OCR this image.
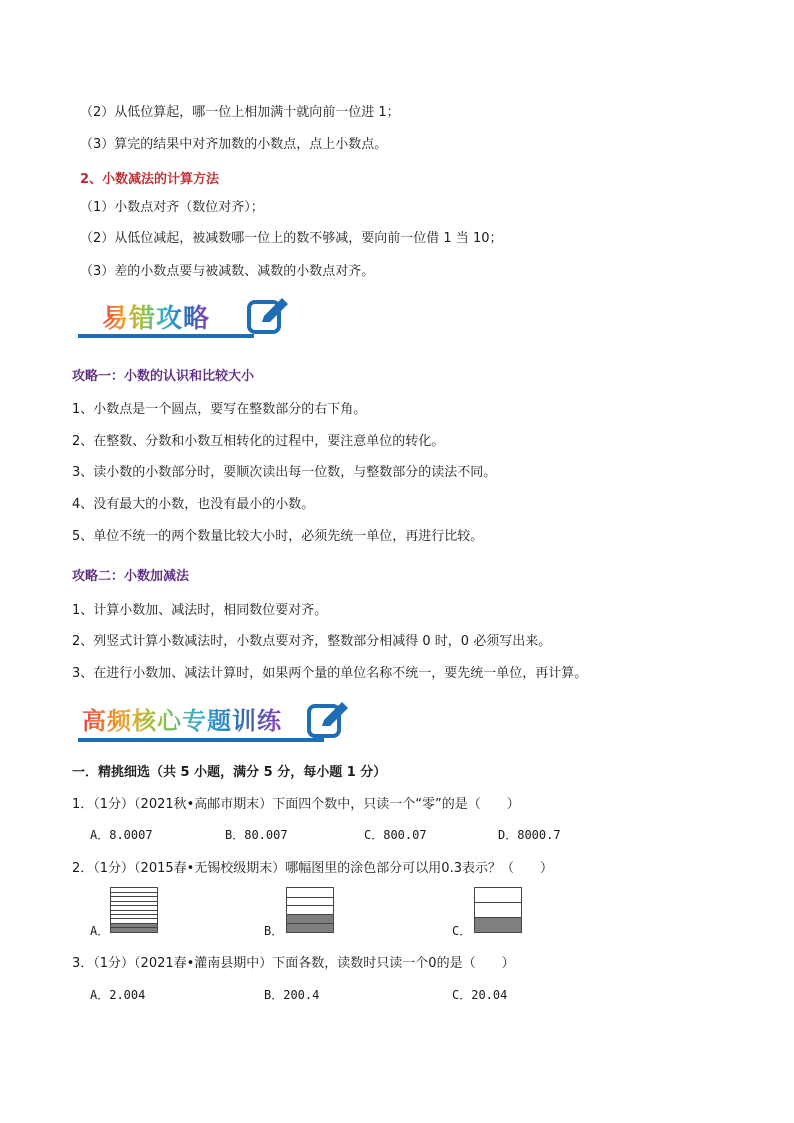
（2）从低位算起，哪一位上相加满十就向前一位进 1；
（3）算完的结果中对齐加数的小数点，点上小数点。
2、小数减法的计算方法
（1）小数点对齐（数位对齐）；
（2）从低位减起，被减数哪一位上的数不够减，要向前一位借 1 当 10；
（3）差的小数点要与被减数、减数的小数点对齐。
易错攻略
攻略一：小数的认识和比较大小
1、小数点是一个圆点，要写在整数部分的右下角。
2、在整数、分数和小数互相转化的过程中，要注意单位的转化。
3、读小数的小数部分时，要顺次读出每一位数，与整数部分的读法不同。
4、没有最大的小数，也没有最小的小数。
5、单位不统一的两个数量比较大小时，必须先统一单位，再进行比较。
攻略二：小数加减法
1、计算小数加、减法时，相同数位要对齐。
2、列竖式计算小数减法时，小数点要对齐，整数部分相减得 0 时，0 必须写出来。
3、在进行小数加、减法计算时，如果两个量的单位名称不统一，要先统一单位，再计算。
高频核心专题训练
一．精挑细选（共 5 小题，满分 5 分，每小题 1 分）
1．（1分）（2021秋•高邮市期末）下面四个数中，只读一个“零”的是（　　）
A．8.0007	B．80.007	C．800.07	D．8000.7
2．（1分）（2015春•无锡校级期末）哪幅图里的涂色部分可以用0.3表示？（　　）
A．	B．	C．
3．（1分）（2021春•灌南县期中）下面各数，读数时只读一个0的是（　　）
A．2.004	B．200.4	C．20.04
